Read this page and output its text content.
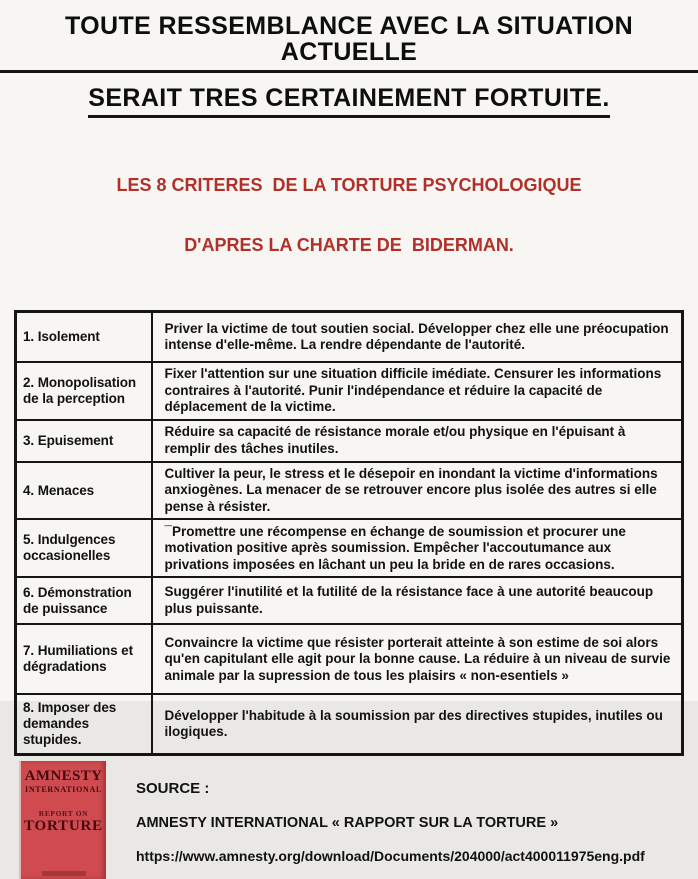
TOUTE RESSEMBLANCE AVEC LA SITUATION ACTUELLE
SERAIT TRES CERTAINEMENT FORTUITE.

LES 8 CRITERES  DE LA TORTURE PSYCHOLOGIQUE

D'APRES LA CHARTE DE  BIDERMAN.

1. Isolement	Priver la victime de tout soutien social. Développer chez elle une préocupation intense d'elle-même. La rendre dépendante de l'autorité.
2. Monopolisation de la perception	Fixer l'attention sur une situation difficile imédiate. Censurer les informations contraires à l'autorité. Punir l'indépendance et réduire la capacité de déplacement de la victime.
3. Epuisement	Réduire sa capacité de résistance morale et/ou physique en l'épuisant à remplir des tâches inutiles.
4. Menaces	Cultiver la peur, le stress et le désepoir en inondant la victime d'informations anxiogènes. La menacer de se retrouver encore plus isolée des autres si elle pense à résister.
5. Indulgences occasionelles	¯Promettre une récompense en échange de soumission et procurer une motivation positive après soumission. Empêcher l'accoutumance aux privations imposées en lâchant un peu la bride en de rares occasions.
6. Démonstration de puissance	Suggérer l'inutilité et la futilité de la résistance face à une autorité beaucoup plus puissante.
7. Humiliations et dégradations	Convaincre la victime que résister porterait atteinte à son estime de soi alors qu'en capitulant elle agit pour la bonne cause. La réduire à un niveau de survie animale par la supression de tous les plaisirs « non-esentiels »
8. Imposer des demandes stupides.	Développer l'habitude à la soumission par des directives stupides, inutiles ou ilogiques.
AMNESTY
INTERNATIONAL
REPORT ON
TORTURE
SOURCE :
AMNESTY INTERNATIONAL « RAPPORT SUR LA TORTURE »
https://www.amnesty.org/download/Documents/204000/act400011975eng.pdf
